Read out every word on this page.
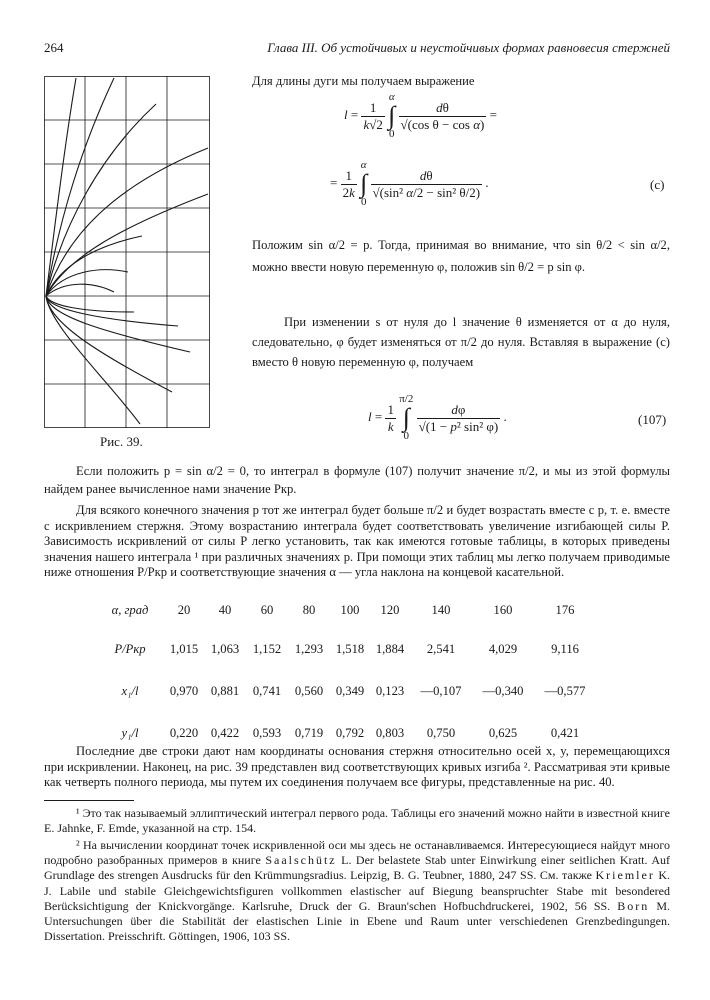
264	Глава III. Об устойчивых и неустойчивых формах равновесия стержней
Рис. 39.
Для длины дуги мы получаем выражение
$l = \frac{1}{k√2}$

α
∫
0

$\frac{d\theta}{\text{√(cos θ − cos α)}}$ =
= $\frac{1}{2k}$

α
∫
0

$\frac{d\theta}{\text{√(sin² α/2 − sin² θ/2)}}$ .	(c)
Положим sin α/2 = p. Тогда, принимая во внимание, что sin θ/2 < sin α/2, можно ввести новую переменную φ, положив sin θ/2 = p sin φ.
При изменении s от нуля до l значение θ изменяется от α до нуля, следовательно, φ будет изменяться от π/2 до нуля. Вставляя в выражение (c) вместо θ новую переменную φ, получаем
$l = \frac{1}{k}$

π/2
∫
0

$\frac{d\varphi}{\text{√(1 − p² sin² φ)}}$ .	(107)
Если положить p = sin α/2 = 0, то интеграл в формуле (107) получит значение π/2, и мы из этой формулы найдем ранее вычисленное нами значение Pкр.
Для всякого конечного значения p тот же интеграл будет больше π/2 и будет возрастать вместе с p, т. е. вместе с искривлением стержня. Этому возрастанию интеграла будет соответствовать увеличение изгибающей силы P. Зависимость искривлений от силы P легко установить, так как имеются готовые таблицы, в которых приведены значения нашего интеграла ¹ при различных значениях p. При помощи этих таблиц мы легко получаем приводимые ниже отношения P/Pкр и соответствующие значения α — угла наклона на концевой касательной.
α, град	20	40	60	80	100	120	140	160	176
P/Pкр	1,015	1,063	1,152	1,293	1,518	1,884	2,541	4,029	9,116
x₁/l	0,970	0,881	0,741	0,560	0,349	0,123	—0,107	—0,340	—0,577
y₁/l	0,220	0,422	0,593	0,719	0,792	0,803	0,750	0,625	0,421
Последние две строки дают нам координаты основания стержня относительно осей x, y, перемещающихся при искривлении. Наконец, на рис. 39 представлен вид соответствующих кривых изгиба ². Рассматривая эти кривые как четверть полного периода, мы путем их соединения получаем все фигуры, представленные на рис. 40.
¹ Это так называемый эллиптический интеграл первого рода. Таблицы его значений можно найти в известной книге E. Jahnke, F. Emde, указанной на стр. 154.
² На вычислении координат точек искривленной оси мы здесь не останавливаемся. Интересующиеся найдут много подробно разобранных примеров в книге Saalschütz L. Der belastete Stab unter Einwirkung einer seitlichen Kratt. Auf Grundlage des strengen Ausdrucks für den Krümmungsradius. Leipzig, B. G. Teubner, 1880, 247 SS. См. также Kriemler K. J. Labile und stabile Gleichgewichtsfiguren vollkommen elastischer auf Biegung beanspruchter Stabe mit besondered Berücksichtigung der Knickvorgänge. Karlsruhe, Druck der G. Braun'schen Hofbuchdruckerei, 1902, 56 SS. Born M. Untersuchungen über die Stabilität der elastischen Linie in Ebene und Raum unter verschiedenen Grenzbedingungen. Dissertation. Preisschrift. Göttingen, 1906, 103 SS.
